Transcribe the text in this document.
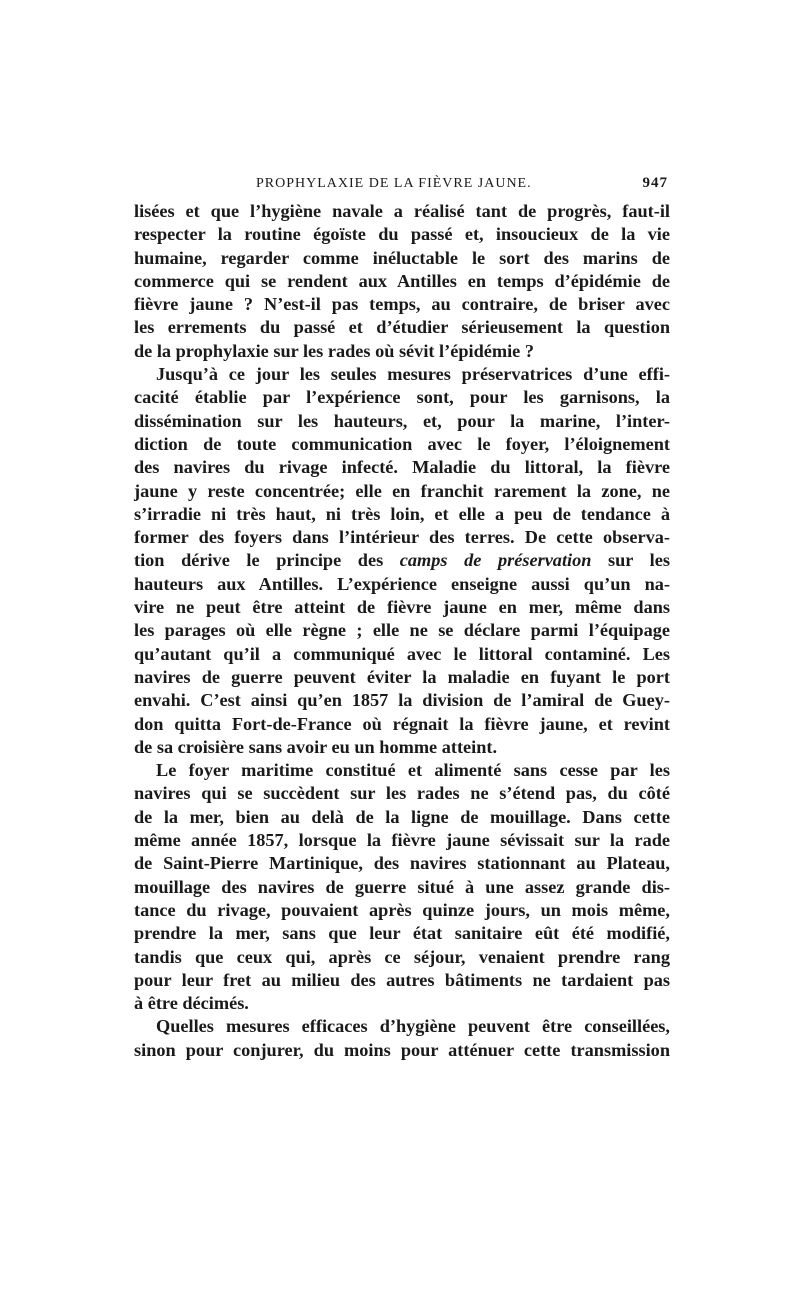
PROPHYLAXIE DE LA FIÈVRE JAUNE.	947
lisées et que l’hygiène navale a réalisé tant de progrès, faut-il
respecter la routine égoïste du passé et, insoucieux de la vie
humaine, regarder comme inéluctable le sort des marins de
commerce qui se rendent aux Antilles en temps d’épidémie de
fièvre jaune ? N’est-il pas temps, au contraire, de briser avec
les errements du passé et d’étudier sérieusement la question
de la prophylaxie sur les rades où sévit l’épidémie ?
Jusqu’à ce jour les seules mesures préservatrices d’une effi-
cacité établie par l’expérience sont, pour les garnisons, la
dissémination sur les hauteurs, et, pour la marine, l’inter-
diction de toute communication avec le foyer, l’éloignement
des navires du rivage infecté. Maladie du littoral, la fièvre
jaune y reste concentrée; elle en franchit rarement la zone, ne
s’irradie ni très haut, ni très loin, et elle a peu de tendance à
former des foyers dans l’intérieur des terres. De cette observa-
tion dérive le principe des camps de préservation sur les
hauteurs aux Antilles. L’expérience enseigne aussi qu’un na-
vire ne peut être atteint de fièvre jaune en mer, même dans
les parages où elle règne ; elle ne se déclare parmi l’équipage
qu’autant qu’il a communiqué avec le littoral contaminé. Les
navires de guerre peuvent éviter la maladie en fuyant le port
envahi. C’est ainsi qu’en 1857 la division de l’amiral de Guey-
don quitta Fort-de-France où régnait la fièvre jaune, et revint
de sa croisière sans avoir eu un homme atteint.
Le foyer maritime constitué et alimenté sans cesse par les
navires qui se succèdent sur les rades ne s’étend pas, du côté
de la mer, bien au delà de la ligne de mouillage. Dans cette
même année 1857, lorsque la fièvre jaune sévissait sur la rade
de Saint-Pierre Martinique, des navires stationnant au Plateau,
mouillage des navires de guerre situé à une assez grande dis-
tance du rivage, pouvaient après quinze jours, un mois même,
prendre la mer, sans que leur état sanitaire eût été modifié,
tandis que ceux qui, après ce séjour, venaient prendre rang
pour leur fret au milieu des autres bâtiments ne tardaient pas
à être décimés.
Quelles mesures efficaces d’hygiène peuvent être conseillées,
sinon pour conjurer, du moins pour atténuer cette transmission
